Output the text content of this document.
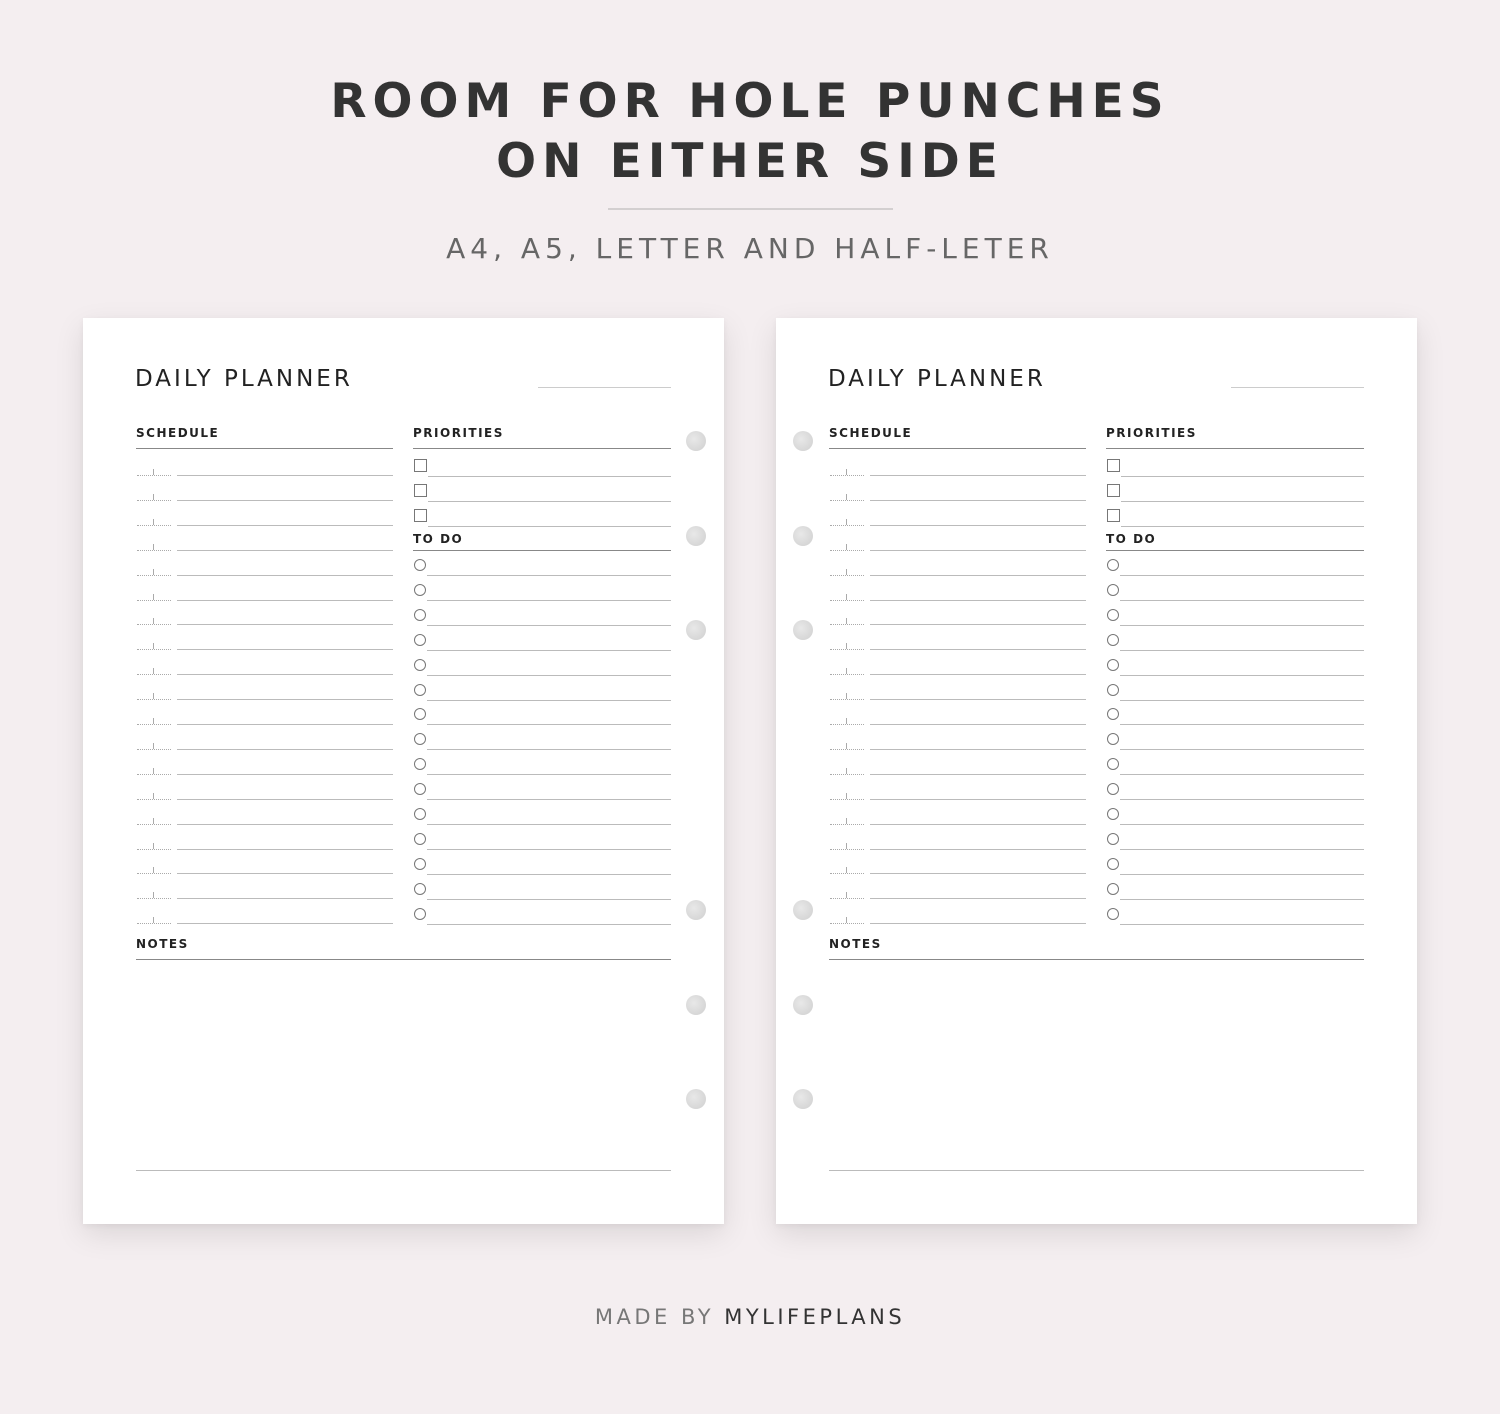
ROOM FOR HOLE PUNCHES
ON EITHER SIDE
A4, A5, LETTER AND HALF-LETER
DAILY PLANNER
SCHEDULE	PRIORITIES
TO DO
NOTES
DAILY PLANNER
SCHEDULE	PRIORITIES
TO DO
NOTES
MADE BY MYLIFEPLANS
